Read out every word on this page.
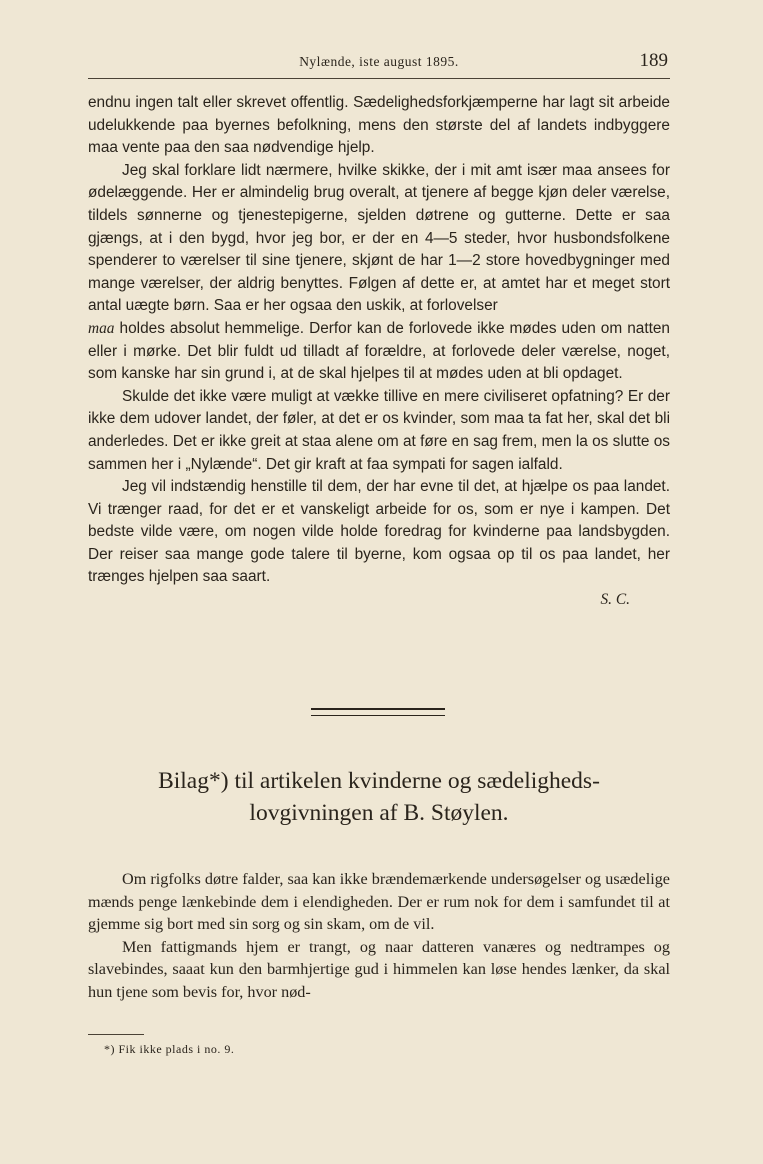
Nylænde, iste august 1895.	189

endnu ingen talt eller skrevet offentlig. Sædelighedsforkjæmperne har lagt sit arbeide udelukkende paa byernes befolkning, mens den største del af landets indbyggere maa vente paa den saa nødvendige hjelp.

Jeg skal forklare lidt nærmere, hvilke skikke, der i mit amt især maa ansees for ødelæggende. Her er almindelig brug overalt, at tjenere af begge kjøn deler værelse, tildels sønnerne og tjenestepigerne, sjelden døtrene og gutterne. Dette er saa gjængs, at i den bygd, hvor jeg bor, er der en 4—5 steder, hvor husbondsfolkene spenderer to værelser til sine tjenere, skjønt de har 1—2 store hovedbygninger med mange værelser, der aldrig benyttes. Følgen af dette er, at amtet har et meget stort antal uægte børn. Saa er her ogsaa den uskik, at forlovelser

maa holdes absolut hemmelige. Derfor kan de forlovede ikke mødes uden om natten eller i mørke. Det blir fuldt ud tilladt af forældre, at forlovede deler værelse, noget, som kanske har sin grund i, at de skal hjelpes til at mødes uden at bli opdaget.

Skulde det ikke være muligt at vække tillive en mere civiliseret opfatning? Er der ikke dem udover landet, der føler, at det er os kvinder, som maa ta fat her, skal det bli anderledes. Det er ikke greit at staa alene om at føre en sag frem, men la os slutte os sammen her i „Nylænde“. Det gir kraft at faa sympati for sagen ialfald.

Jeg vil indstændig henstille til dem, der har evne til det, at hjælpe os paa landet. Vi trænger raad, for det er et vanskeligt arbeide for os, som er nye i kampen. Det bedste vilde være, om nogen vilde holde foredrag for kvinderne paa landsbygden. Der reiser saa mange gode talere til byerne, kom ogsaa op til os paa landet, her trænges hjelpen saa saart.

S. C.
Bilag*) til artikelen kvinderne og sædeligheds-
lovgivningen af B. Støylen.

Om rigfolks døtre falder, saa kan ikke brændemærkende undersøgelser og usædelige mænds penge lænkebinde dem i elendigheden. Der er rum nok for dem i samfundet til at gjemme sig bort med sin sorg og sin skam, om de vil.

Men fattigmands hjem er trangt, og naar datteren vanæres og nedtrampes og slavebindes, saaat kun den barmhjertige gud i himmelen kan løse hendes lænker, da skal hun tjene som bevis for, hvor nød-

*) Fik ikke plads i no. 9.
